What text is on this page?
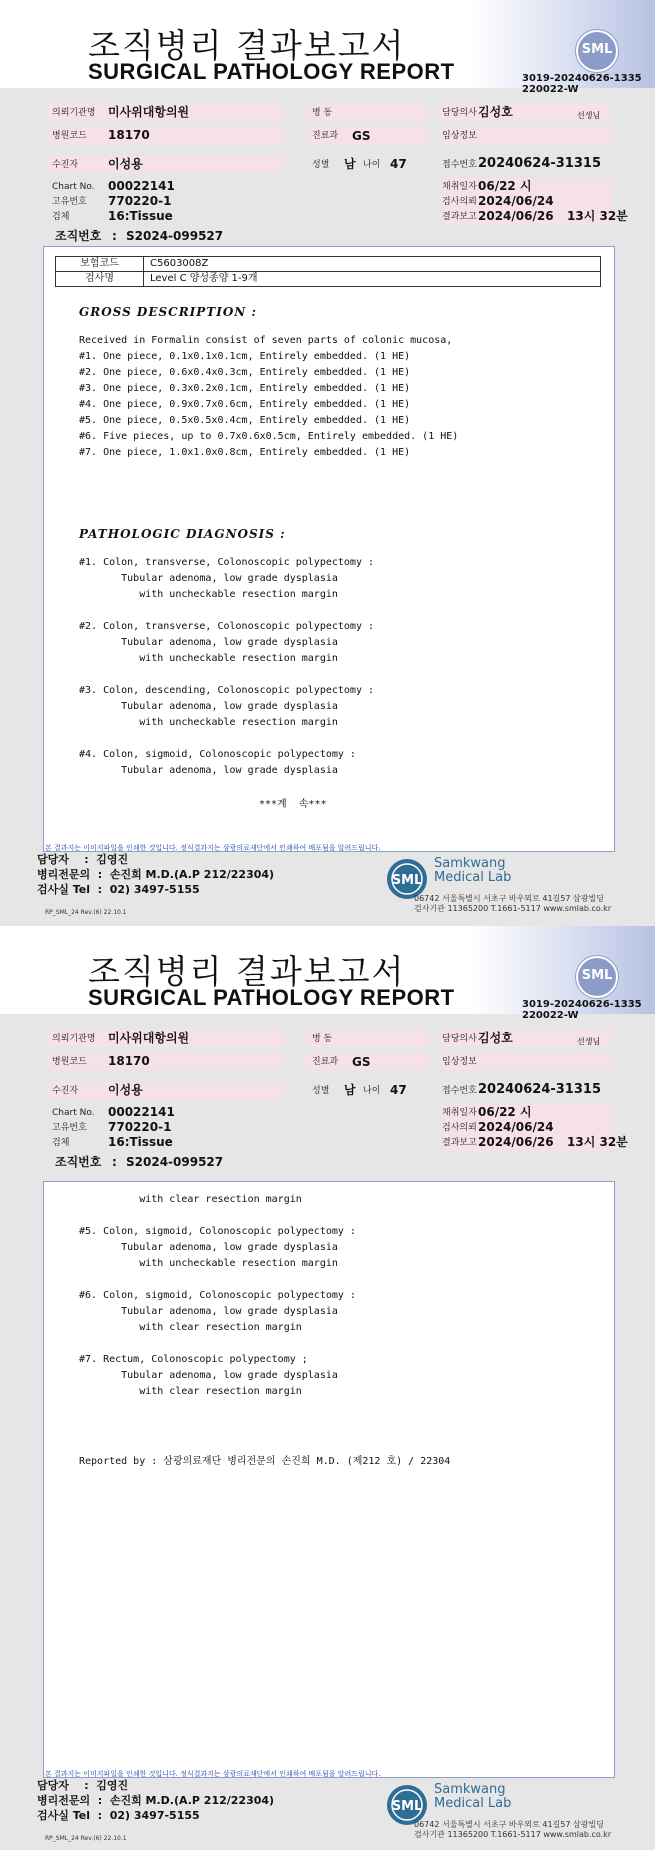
조직병리 결과보고서
SURGICAL PATHOLOGY REPORT
SML
3019-20240626-1335
220022-W
의뢰기관명 미사위대항의원	병 동	담당의사 김성호	선생님
병원코드 18170	진료과 GS	임상정보
수진자 이성용	성별 남 나이 47	접수번호 20240624-31315
Chart No. 00022141
고유번호 770220-1
검체	16:Tissue
채취일자 06/22 시
검사의뢰 2024/06/24
결과보고 2024/06/26 13시 32분
조직번호 : S2024-099527
GROSS DESCRIPTION :
Received in Formalin consist of seven parts of colonic mucosa,
#1. One piece, 0.1x0.1x0.1cm, Entirely embedded. (1 HE)
#2. One piece, 0.6x0.4x0.3cm, Entirely embedded. (1 HE)
#3. One piece, 0.3x0.2x0.1cm, Entirely embedded. (1 HE)
#4. One piece, 0.9x0.7x0.6cm, Entirely embedded. (1 HE)
#5. One piece, 0.5x0.5x0.4cm, Entirely embedded. (1 HE)
#6. Five pieces, up to 0.7x0.6x0.5cm, Entirely embedded. (1 HE)
#7. One piece, 1.0x1.0x0.8cm, Entirely embedded. (1 HE)
PATHOLOGIC DIAGNOSIS :
#1. Colon, transverse, Colonoscopic polypectomy :
Tubular adenoma, low grade dysplasia
with uncheckable resection margin

#2. Colon, transverse, Colonoscopic polypectomy :
Tubular adenoma, low grade dysplasia
with uncheckable resection margin

#3. Colon, descending, Colonoscopic polypectomy :
Tubular adenoma, low grade dysplasia
with uncheckable resection margin

#4. Colon, sigmoid, Colonoscopic polypectomy :
Tubular adenoma, low grade dysplasia
***계  속***
보험코드	C5603008Z
검사명	Level C 양성종양 1-9개
본 결과지는 이미지파일을 인쇄한 것입니다. 정식결과지는 삼광의료재단에서 인쇄하여 배포됨을 알려드립니다.
담당자    :  김영진
병리전문의  :  손진희 M.D.(A.P 212/22304)
검사실 Tel  :  02) 3497-5155
RP_SML_24 Rev.(6) 22.10.1
SML
Samkwang
Medical Lab
06742 서울특별시 서초구 바우뫼로 41길57 삼광빌딩
검사기관 11365200 T.1661-5117 www.smlab.co.kr
조직병리 결과보고서
SURGICAL PATHOLOGY REPORT
SML
3019-20240626-1335
220022-W
의뢰기관명 미사위대항의원	병 동	담당의사 김성호	선생님
병원코드 18170	진료과 GS	임상정보
수진자 이성용	성별 남 나이 47	접수번호 20240624-31315
Chart No. 00022141
고유번호 770220-1
검체	16:Tissue
채취일자 06/22 시
검사의뢰 2024/06/24
결과보고 2024/06/26 13시 32분
조직번호 : S2024-099527
with clear resection margin

#5. Colon, sigmoid, Colonoscopic polypectomy :
Tubular adenoma, low grade dysplasia
with uncheckable resection margin

#6. Colon, sigmoid, Colonoscopic polypectomy :
Tubular adenoma, low grade dysplasia
with clear resection margin

#7. Rectum, Colonoscopic polypectomy ;
Tubular adenoma, low grade dysplasia
with clear resection margin
Reported by : 삼광의료재단 병리전문의 손진희 M.D. (제212 호) / 22304
본 결과지는 이미지파일을 인쇄한 것입니다. 정식결과지는 삼광의료재단에서 인쇄하여 배포됨을 알려드립니다.
담당자    :  김영진
병리전문의  :  손진희 M.D.(A.P 212/22304)
검사실 Tel  :  02) 3497-5155
RP_SML_24 Rev.(6) 22.10.1
SML
Samkwang
Medical Lab
06742 서울특별시 서초구 바우뫼로 41길57 삼광빌딩
검사기관 11365200 T.1661-5117 www.smlab.co.kr
